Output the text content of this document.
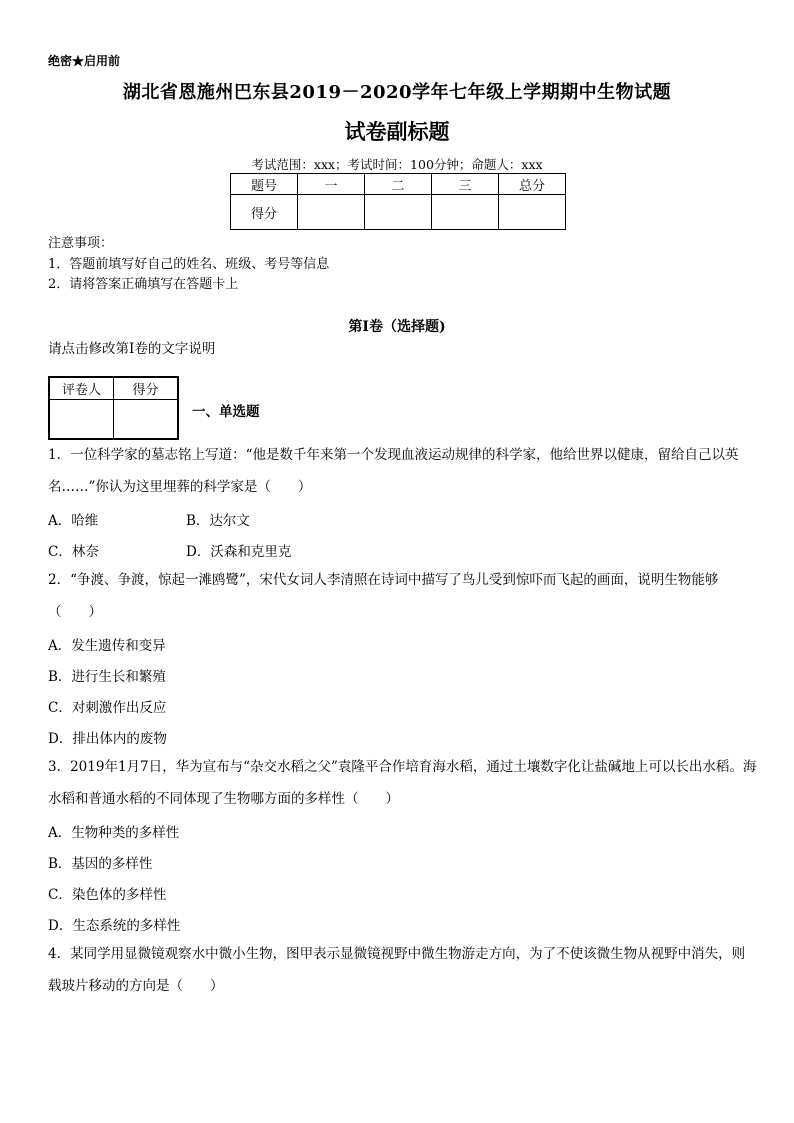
绝密★启用前
湖北省恩施州巴东县2019－2020学年七年级上学期期中生物试题
试卷副标题
考试范围：xxx；考试时间：100分钟；命题人：xxx
题号	一	二	三	总分
得分				
注意事项：
1．答题前填写好自己的姓名、班级、考号等信息
2．请将答案正确填写在答题卡上
第I卷（选择题)
请点击修改第I卷的文字说明
评卷人	得分

一、单选题
1．一位科学家的墓志铭上写道：“他是数千年来第一个发现血液运动规律的科学家，他给世界以健康，留给自己以英名……”你认为这里埋葬的科学家是（　　）
A．哈维	B．达尔文
C．林奈	D．沃森和克里克
2．“争渡、争渡，惊起一滩鸥鹭”，宋代女词人李清照在诗词中描写了鸟儿受到惊吓而飞起的画面，说明生物能够（　　）
A．发生遗传和变异
B．进行生长和繁殖
C．对刺激作出反应
D．排出体内的废物
3．2019年1月7日，华为宣布与“杂交水稻之父”袁隆平合作培育海水稻，通过土壤数字化让盐碱地上可以长出水稻。海水稻和普通水稻的不同体现了生物哪方面的多样性（　　）
A．生物种类的多样性
B．基因的多样性
C．染色体的多样性
D．生态系统的多样性
4．某同学用显微镜观察水中微小生物，图甲表示显微镜视野中微生物游走方向，为了不使该微生物从视野中消失，则载玻片移动的方向是（　　）
